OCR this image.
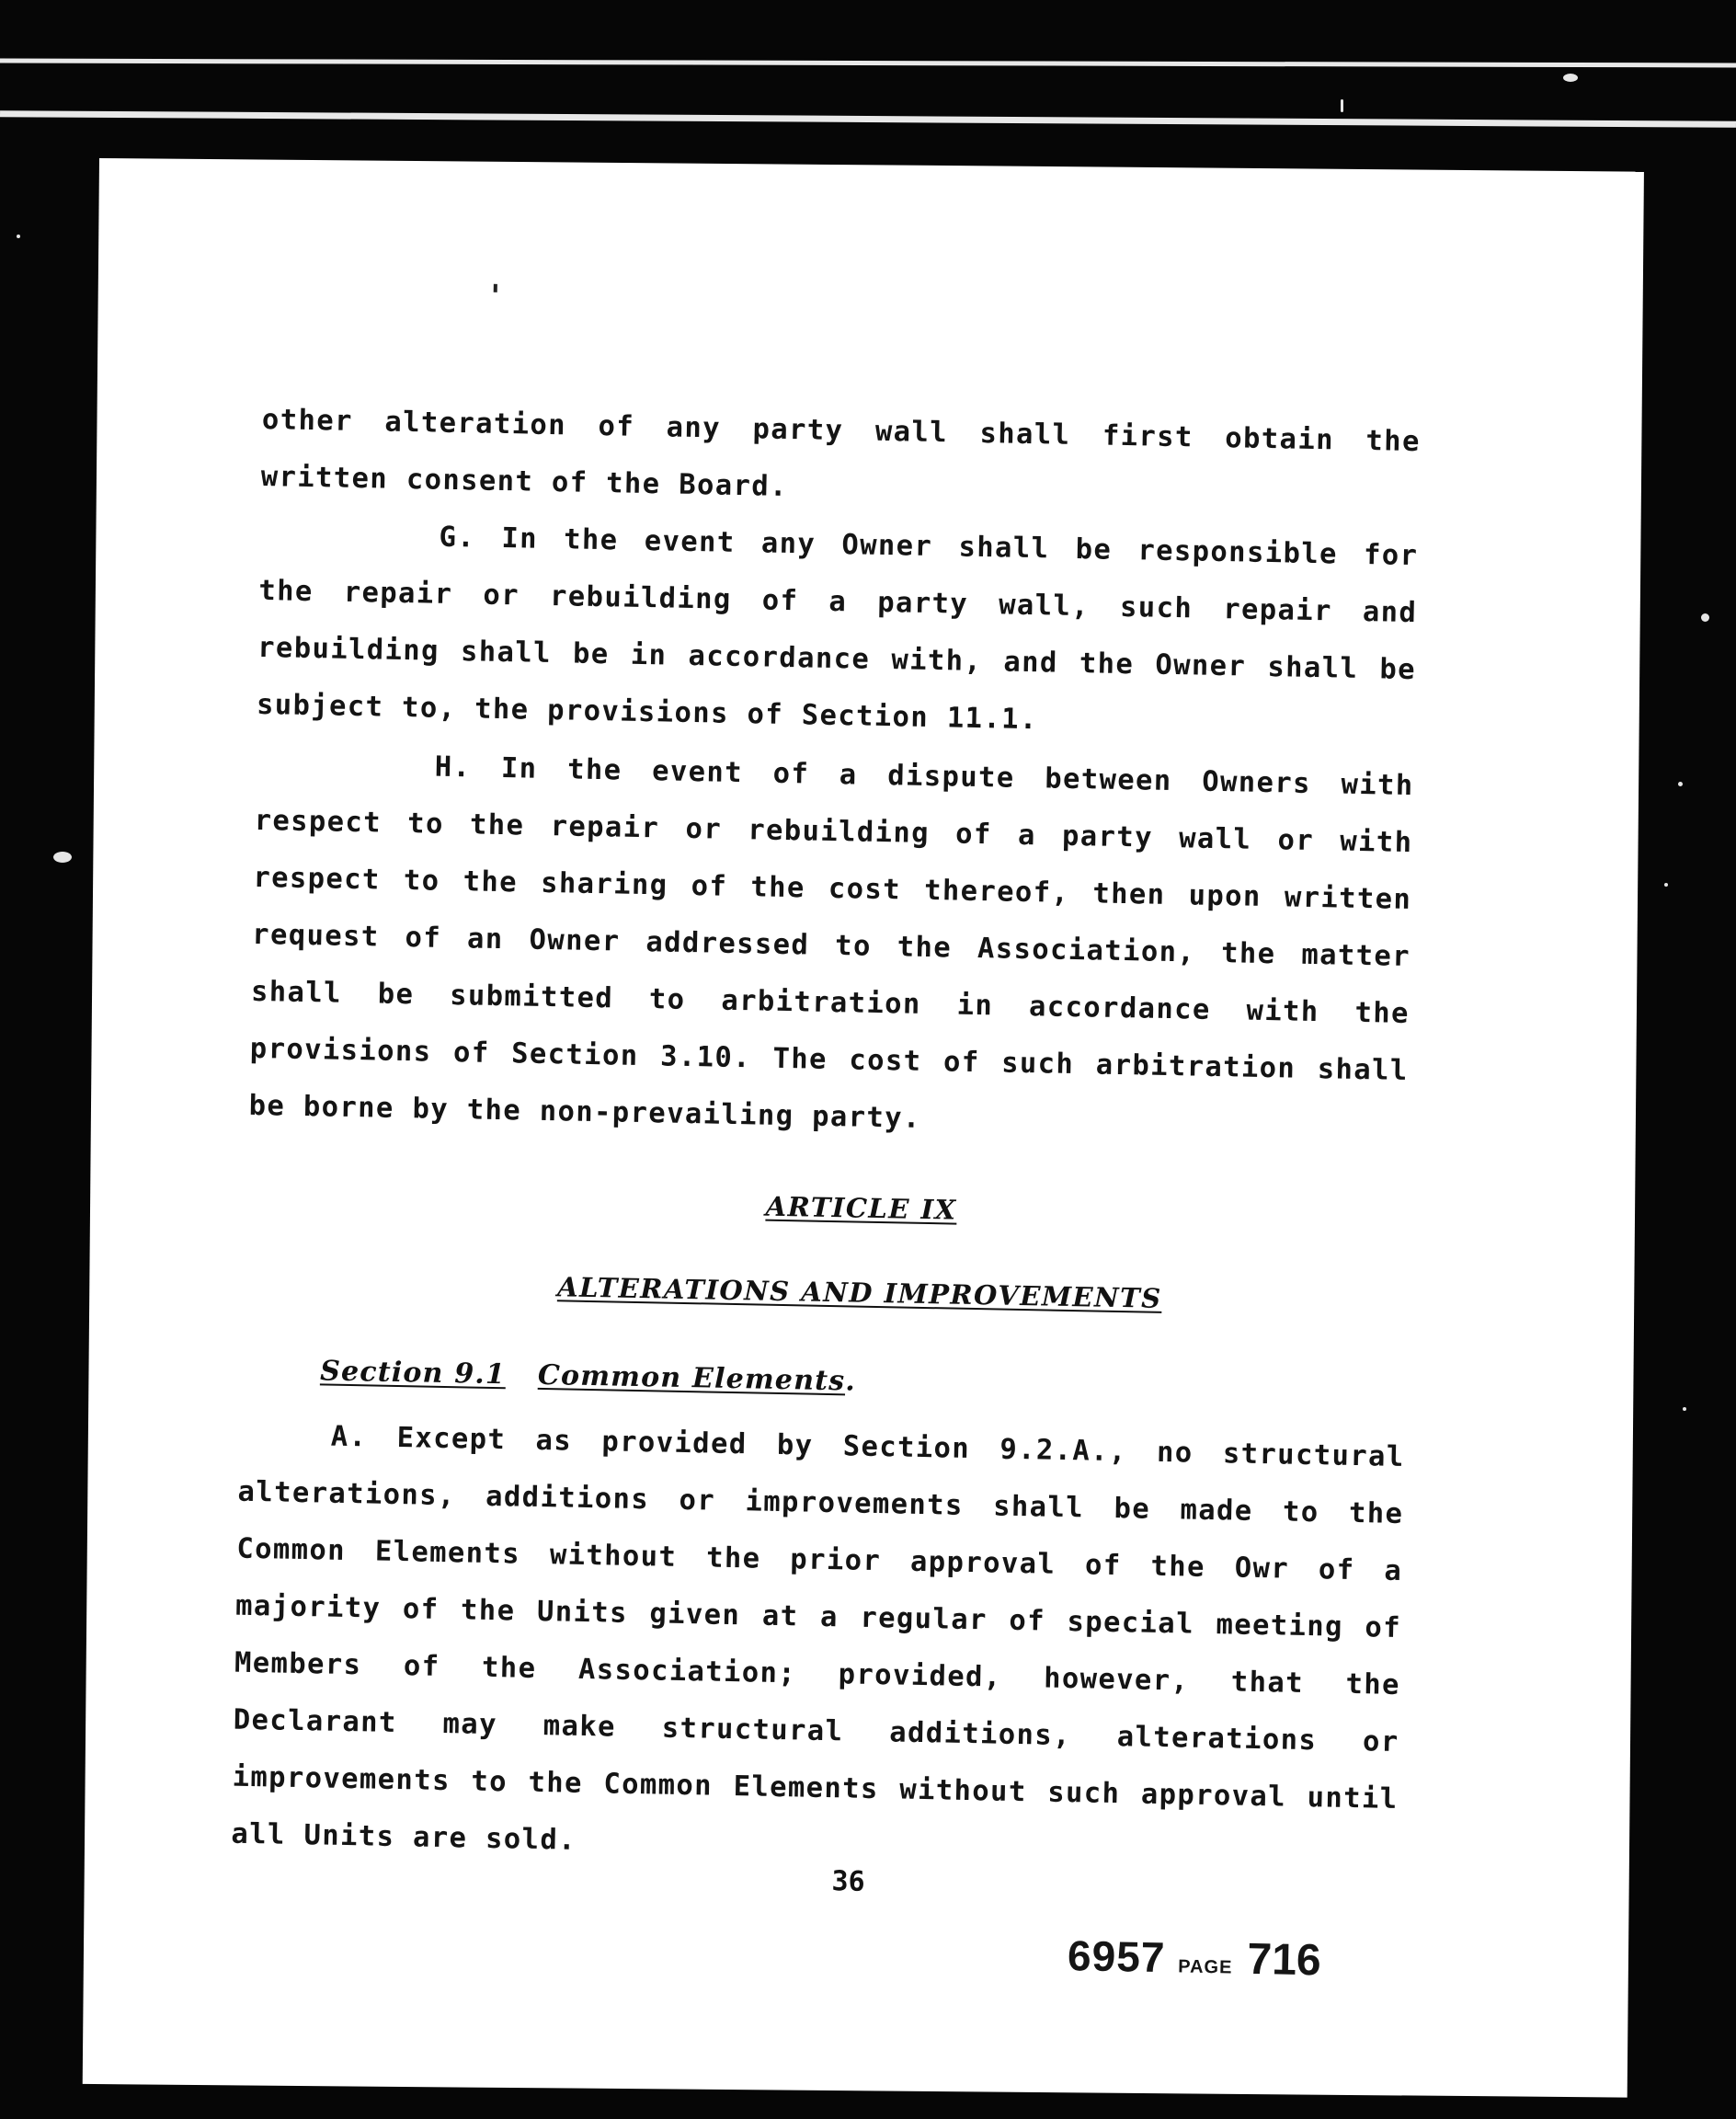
other alteration of any party wall shall first obtain the written consent of the Board.

G. In the event any Owner shall be responsible for the repair or rebuilding of a party wall, such repair and rebuilding shall be in accordance with, and the Owner shall be subject to, the provisions of Section 11.1.

H. In the event of a dispute between Owners with respect to the repair or rebuilding of a party wall or with respect to the sharing of the cost thereof, then upon written request of an Owner addressed to the Association, the matter shall be submitted to arbitration in accordance with the provisions of Section 3.10. The cost of such arbitration shall be borne by the non-prevailing party.

ARTICLE IX
ALTERATIONS AND IMPROVEMENTS
Section 9.1 Common Elements.

A. Except as provided by Section 9.2.A., no structural alterations, additions or improvements shall be made to the Common Elements without the prior approval of the Owr of a majority of the Units given at a regular of special meeting of Members of the Association; provided, however, that the Declarant may make structural additions, alterations or improvements to the Common Elements without such approval until all Units are sold.

36
6957 PAGE 716
